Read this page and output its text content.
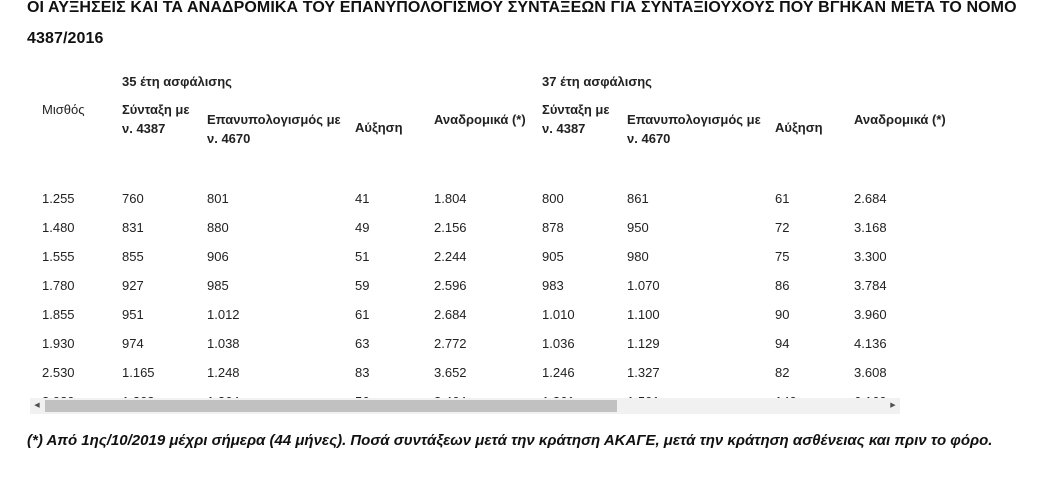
ΟΙ ΑΥΞΗΣΕΙΣ ΚΑΙ ΤΑ ΑΝΑΔΡΟΜΙΚΑ ΤΟΥ ΕΠΑΝΥΠΟΛΟΓΙΣΜΟΥ ΣΥΝΤΑΞΕΩΝ ΓΙΑ ΣΥΝΤΑΞΙΟΥΧΟΥΣ ΠΟΥ ΒΓΗΚΑΝ ΜΕΤΑ ΤΟ ΝΟΜΟ 4387/2016
	35 έτη ασφάλισης				37 έτη ασφάλισης			
Μισθός	Σύνταξη με ν. 4387	Επανυπολογισμός με ν. 4670	Αύξηση	Αναδρομικά (*)	Σύνταξη με ν. 4387	Επανυπολογισμός με ν. 4670	Αύξηση	Αναδρομικά (*)
1.255	760	801	41	1.804	800	861	61	2.684
1.480	831	880	49	2.156	878	950	72	3.168
1.555	855	906	51	2.244	905	980	75	3.300
1.780	927	985	59	2.596	983	1.070	86	3.784
1.855	951	1.012	61	2.684	1.010	1.100	90	3.960
1.930	974	1.038	63	2.772	1.036	1.129	94	4.136
2.530	1.165	1.248	83	3.652	1.246	1.327	82	3.608

◀	▶

(*) Από 1ης/10/2019 μέχρι σήμερα (44 μήνες). Ποσά συντάξεων μετά την κράτηση ΑΚΑΓΕ, μετά την κράτηση ασθένειας και πριν το φόρο.
